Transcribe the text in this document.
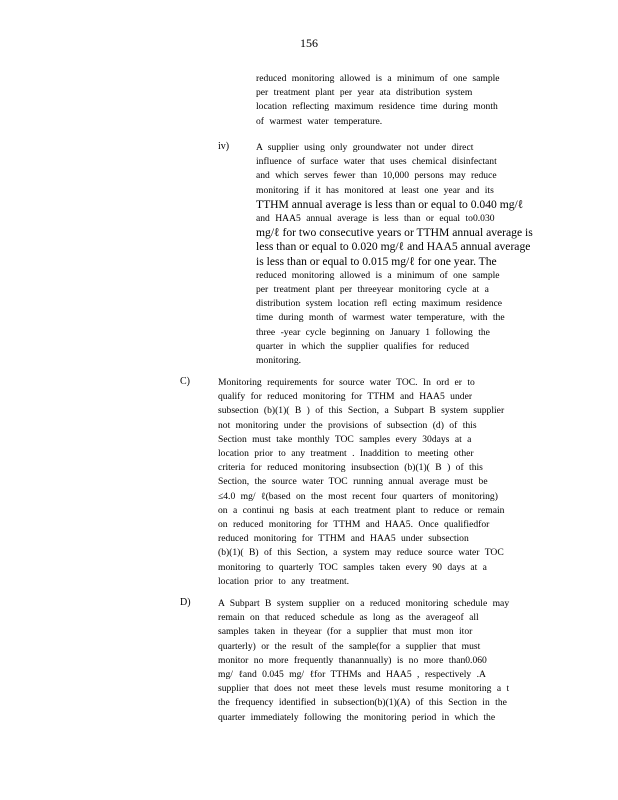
156
reduced monitoring allowed is a minimum of one sample
per treatment plant per year ata distribution system
location reflecting maximum residence time during month
of warmest water temperature.
iv)	A supplier using only groundwater not under direct
influence of surface water that uses chemical disinfectant
and which serves fewer than 10,000 persons may reduce
monitoring if it has monitored at least one year and its
TTHM annual average is less than or equal to 0.040 mg/ℓ
and HAA5 annual average is less than or equal to0.030
mg/ℓ for two consecutive years or TTHM annual average is
less than or equal to 0.020 mg/ℓ and HAA5 annual average
is less than or equal to 0.015 mg/ℓ for one year. The
reduced monitoring allowed is a minimum of one sample
per treatment plant per threeyear monitoring cycle at a
distribution system location refl ecting maximum residence
time during month of warmest water temperature, with the
three -year cycle beginning on January 1 following the
quarter in which the supplier qualifies for reduced
monitoring.
C)	Monitoring requirements for source water TOC. In ord er to
qualify for reduced monitoring for TTHM and HAA5 under
subsection (b)(1)( B ) of this Section, a Subpart B system supplier
not monitoring under the provisions of subsection (d) of this
Section must take monthly TOC samples every 30days at a
location prior to any treatment . Inaddition to meeting other
criteria for reduced monitoring insubsection (b)(1)( B ) of this
Section, the source water TOC running annual average must be
≤4.0 mg/ ℓ(based on the most recent four quarters of monitoring)
on a continui ng basis at each treatment plant to reduce or remain
on reduced monitoring for TTHM and HAA5. Once qualifiedfor
reduced monitoring for TTHM and HAA5 under subsection
(b)(1)( B) of this Section, a system may reduce source water TOC
monitoring to quarterly TOC samples taken every 90 days at a
location prior to any treatment.
D)	A Subpart B system supplier on a reduced monitoring schedule may
remain on that reduced schedule as long as the averageof all
samples taken in theyear (for a supplier that must mon itor
quarterly) or the result of the sample(for a supplier that must
monitor no more frequently thanannually) is no more than0.060
mg/ ℓand 0.045 mg/ ℓfor TTHMs and HAA5 , respectively .A
supplier that does not meet these levels must resume monitoring a t
the frequency identified in subsection(b)(1)(A) of this Section in the
quarter immediately following the monitoring period in which the
